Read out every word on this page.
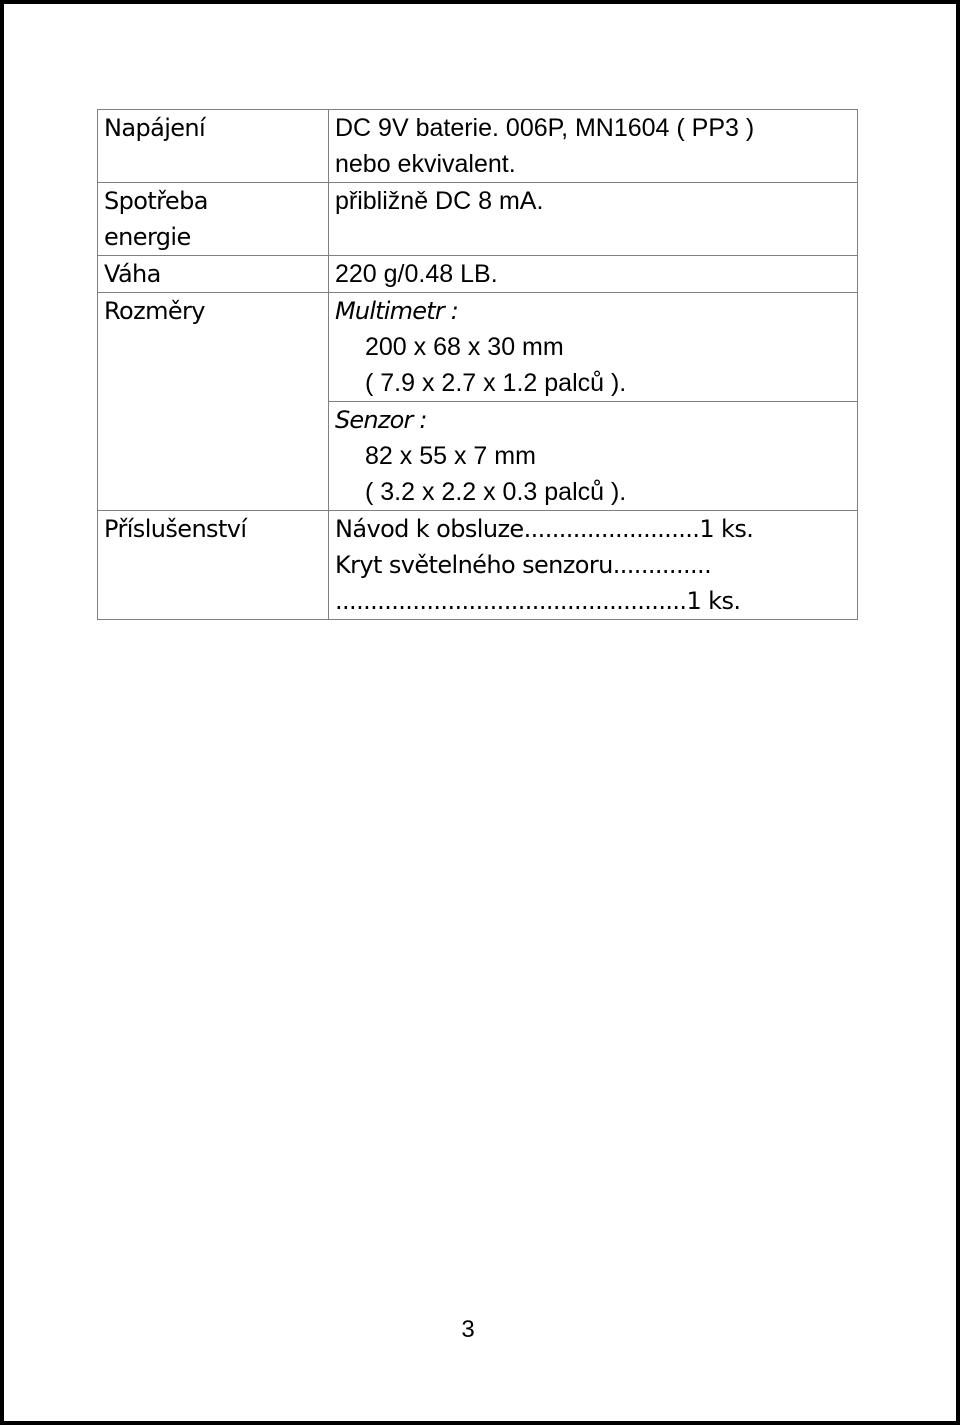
Napájení	DC 9V baterie. 006P, MN1604 ( PP3 )
nebo ekvivalent.

Spotřeba
energie	přibližně DC 8 mA.

Váha	220 g/0.48 LB.
Rozměry	Multimetr :
200 x 68 x 30 mm
( 7.9 x 2.7 x 1.2 palců ).

	Senzor :
82 x 55 x 7 mm
( 3.2 x 2.2 x 0.3 palců ).

Příslušenství	Návod k obsluze.........................1 ks.
Kryt světelného senzoru..............
..................................................1 ks.
3
